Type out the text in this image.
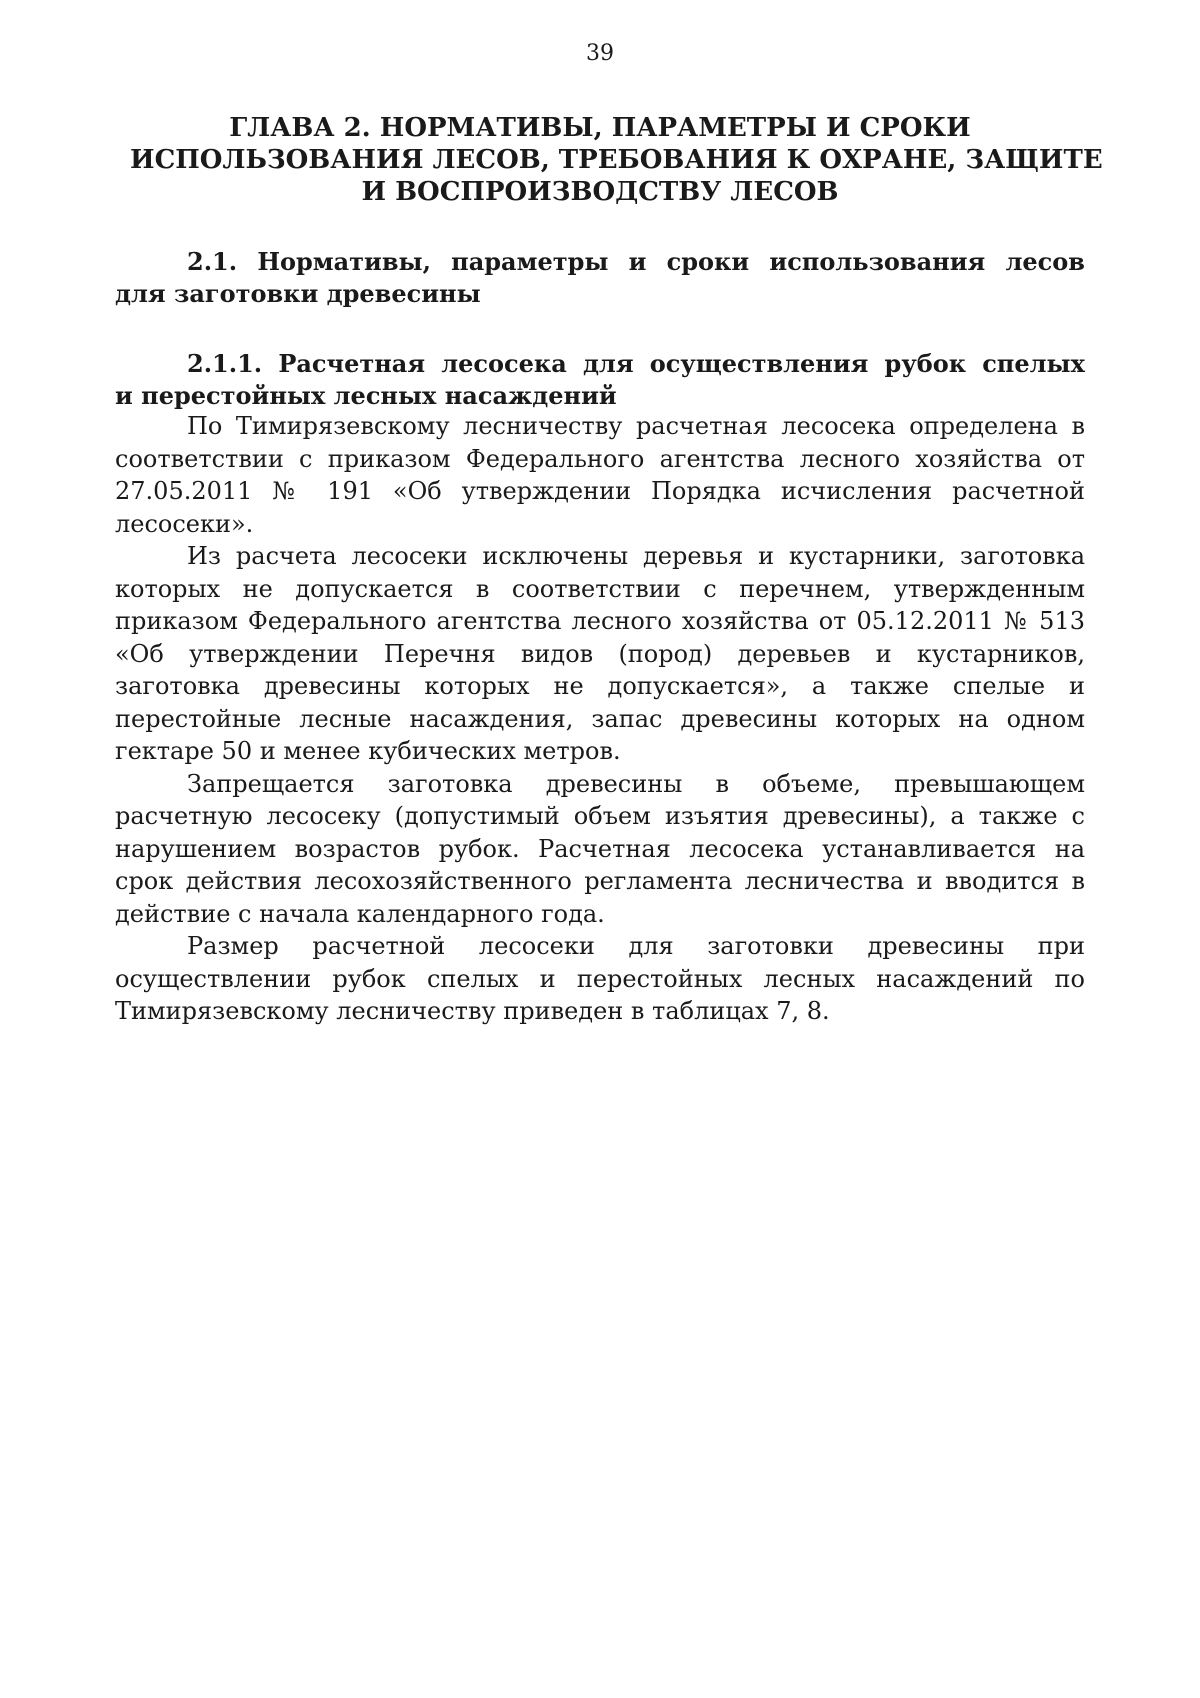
39
ГЛАВА 2. НОРМАТИВЫ, ПАРАМЕТРЫ И СРОКИ
ИСПОЛЬЗОВАНИЯ ЛЕСОВ, ТРЕБОВАНИЯ К ОХРАНЕ, ЗАЩИТЕ
И ВОСПРОИЗВОДСТВУ ЛЕСОВ
2.1. Нормативы, параметры и сроки использования лесов
для заготовки древесины
2.1.1. Расчетная лесосека для осуществления рубок спелых
и перестойных лесных насаждений

По Тимирязевскому лесничеству расчетная лесосека определена в соответствии с приказом Федерального агентства лесного хозяйства от 27.05.2011 № 191 «Об утверждении Порядка исчисления расчетной лесосеки».

Из расчета лесосеки исключены деревья и кустарники, заготовка которых не допускается в соответствии с перечнем, утвержденным приказом Федерального агентства лесного хозяйства от 05.12.2011 № 513 «Об утверждении Перечня видов (пород) деревьев и кустарников, заготовка древесины которых не допускается», а также спелые и перестойные лесные насаждения, запас древесины которых на одном гектаре 50 и менее кубических метров.

Запрещается заготовка древесины в объеме, превышающем расчетную лесосеку (допустимый объем изъятия древесины), а также с нарушением возрастов рубок. Расчетная лесосека устанавливается на срок действия лесохозяйственного регламента лесничества и вводится в действие с начала календарного года.

Размер расчетной лесосеки для заготовки древесины при осуществлении рубок спелых и перестойных лесных насаждений по Тимирязевскому лесничеству приведен в таблицах 7, 8.
